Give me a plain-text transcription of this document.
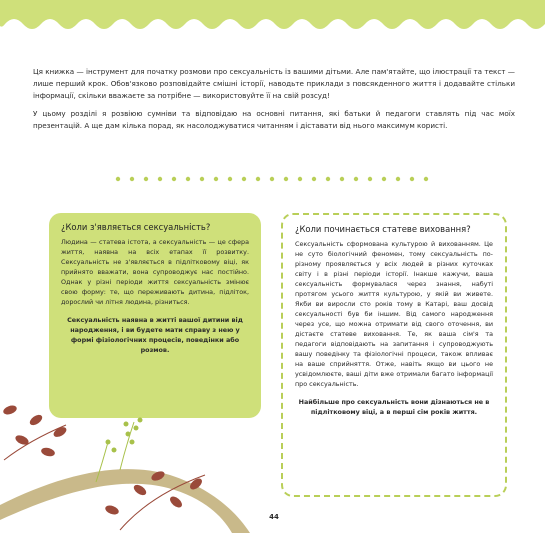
Ця книжка — інструмент для початку розмови про сексуальність із вашими дітьми. Але пам'ятайте, що ілюстрації та текст — лише перший крок. Обов'язково розповідайте смішні історії, наводьте приклади з повсякденного життя і додавайте стільки інформації, скільки вважаєте за потрібне — використовуйте її на свій розсуд!

У цьому розділі я розвіюю сумніви та відповідаю на основні питання, які батьки й педагоги ставлять під час моїх презентацій. А ще дам кілька порад, як насолоджуватися читанням і діставати від нього максимум користі.

¿Коли з'являється сексуальність?

Людина — статева істота, а сексуальність — це сфера життя, наявна на всіх етапах її розвитку. Сексуальність не з'являється в підлітковому віці, як прийнято вважати, вона супроводжує нас постійно. Однак у різні періоди життя сексуальність змінює свою форму: те, що переживають дитина, підліток, дорослий чи літня людина, різниться.

Сексуальність наявна в житті вашої дитини від народження, і ви будете мати справу з нею у формі фізіологічних процесів, поведінки або розмов.

¿Коли починається статеве виховання?

Сексуальність сформована культурою й вихованням. Це не суто біологічний феномен, тому сексуальність по-різному проявляється у всіх людей в різних куточках світу і в різні періоди історії. Інакше кажучи, ваша сексуальність формувалася через знання, набуті протягом усього життя культурою, у якій ви живете. Якби ви виросли сто років тому в Катарі, ваш досвід сексуальності був би іншим. Від самого народження через усе, що можна отримати від свого оточення, ви дістаєте статеве виховання. Те, як ваша сім'я та педагоги відповідають на запитання і супроводжують вашу поведінку та фізіологічні процеси, також впливає на ваше сприйняття. Отже, навіть якщо ви цього не усвідомлюєте, ваші діти вже отримали багато інформації про сексуальність.

Найбільше про сексуальність вони дізнаються не в підлітковому віці, а в перші сім років життя.

44
